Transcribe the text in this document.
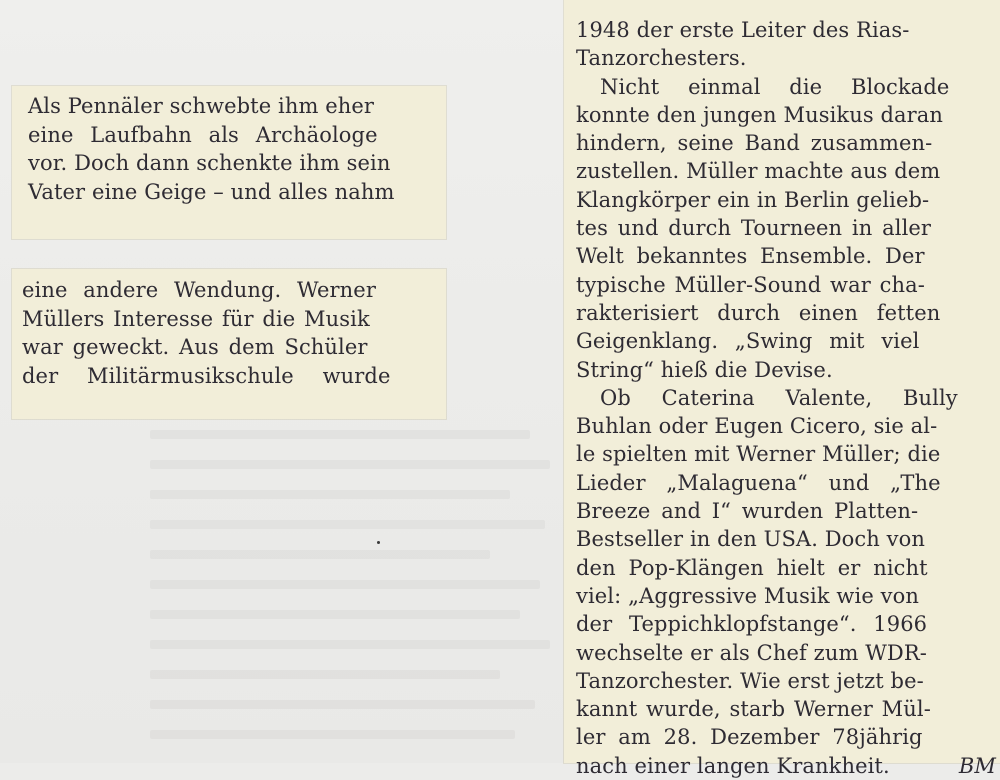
Als Pennäler schwebte ihm eher
eine Laufbahn als Archäologe
vor. Doch dann schenkte ihm sein
Vater eine Geige – und alles nahm
eine andere Wendung. Werner
Müllers Interesse für die Musik
war geweckt. Aus dem Schüler
der Militärmusikschule wurde
1948 der erste Leiter des Rias-
Tanzorchesters.
Nicht einmal die Blockade
konnte den jungen Musikus daran
hindern, seine Band zusammen-
zustellen. Müller machte aus dem
Klangkörper ein in Berlin gelieb-
tes und durch Tourneen in aller
Welt bekanntes Ensemble. Der
typische Müller-Sound war cha-
rakterisiert durch einen fetten
Geigenklang. „Swing mit viel
String“ hieß die Devise.
Ob Caterina Valente, Bully
Buhlan oder Eugen Cicero, sie al-
le spielten mit Werner Müller; die
Lieder „Malaguena“ und „The
Breeze and I“ wurden Platten-
Bestseller in den USA. Doch von
den Pop-Klängen hielt er nicht
viel: „Aggressive Musik wie von
der Teppichklopfstange“. 1966
wechselte er als Chef zum WDR-
Tanzorchester. Wie erst jetzt be-
kannt wurde, starb Werner Mül-
ler am 28. Dezember 78jährig
nach einer langen Krankheit.	BM
